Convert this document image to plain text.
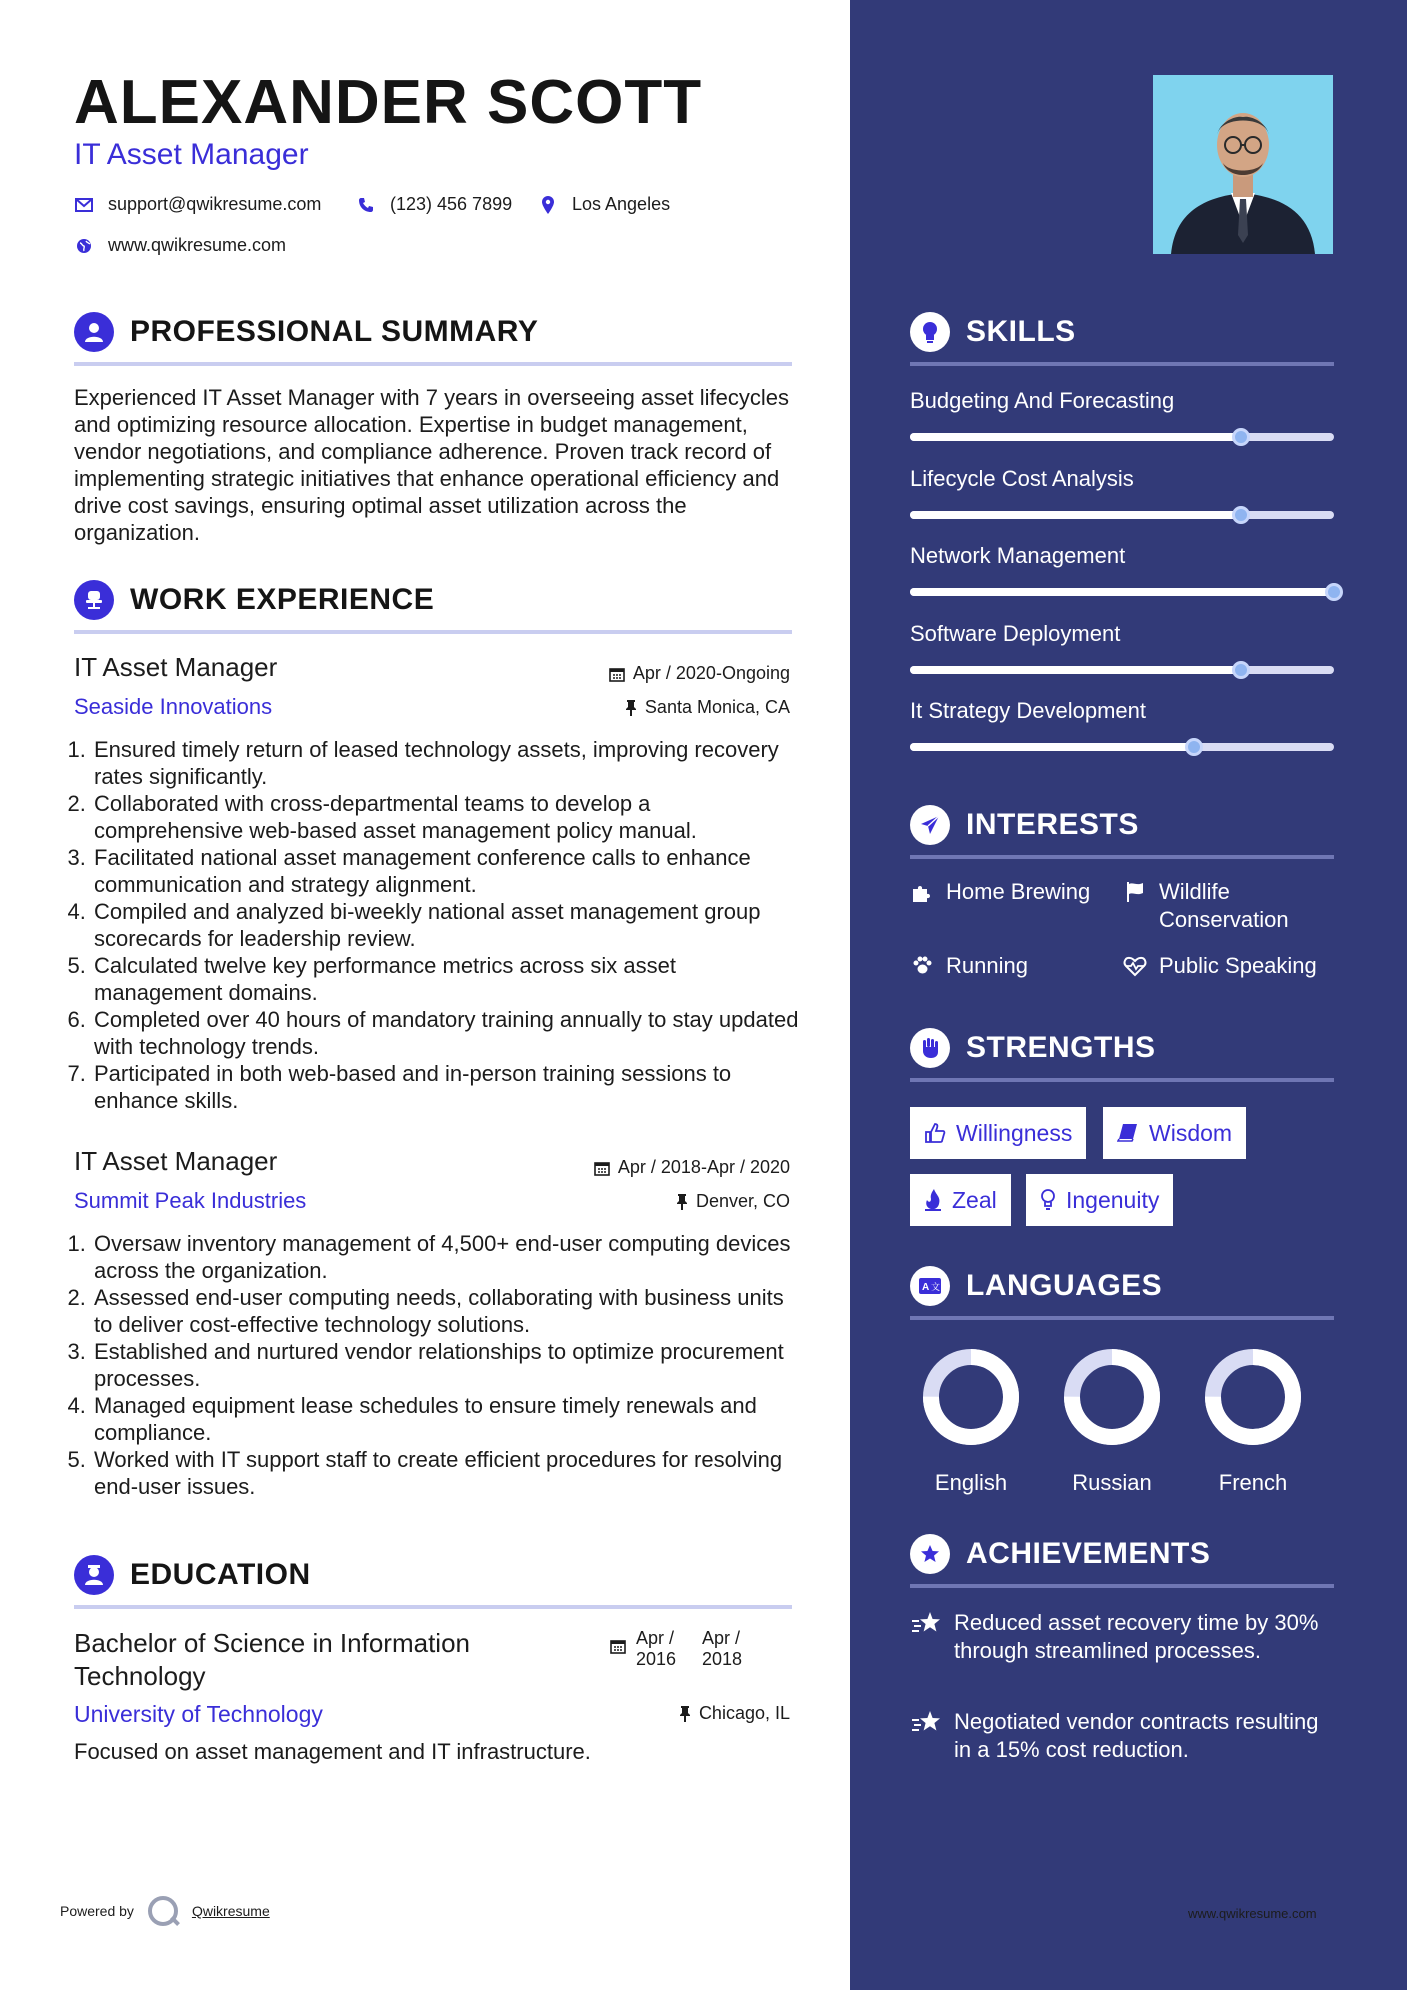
ALEXANDER SCOTT
IT Asset Manager
support@qwikresume.com	(123) 456 7899	Los Angeles
www.qwikresume.com
PROFESSIONAL SUMMARY
Experienced IT Asset Manager with 7 years in overseeing asset lifecycles and optimizing resource allocation. Expertise in budget management, vendor negotiations, and compliance adherence. Proven track record of implementing strategic initiatives that enhance operational efficiency and drive cost savings, ensuring optimal asset utilization across the organization.
WORK EXPERIENCE
IT Asset Manager	Apr / 2020-Ongoing
Seaside Innovations	Santa Monica, CA
1. Ensured timely return of leased technology assets, improving recovery rates significantly.
2. Collaborated with cross-departmental teams to develop a comprehensive web-based asset management policy manual.
3. Facilitated national asset management conference calls to enhance communication and strategy alignment.
4. Compiled and analyzed bi-weekly national asset management group scorecards for leadership review.
5. Calculated twelve key performance metrics across six asset management domains.
6. Completed over 40 hours of mandatory training annually to stay updated with technology trends.
7. Participated in both web-based and in-person training sessions to enhance skills.
IT Asset Manager	Apr / 2018-Apr / 2020
Summit Peak Industries	Denver, CO
1. Oversaw inventory management of 4,500+ end-user computing devices across the organization.
2. Assessed end-user computing needs, collaborating with business units to deliver cost-effective technology solutions.
3. Established and nurtured vendor relationships to optimize procurement processes.
4. Managed equipment lease schedules to ensure timely renewals and compliance.
5. Worked with IT support staff to create efficient procedures for resolving end-user issues.
EDUCATION
Bachelor of Science in Information Technology
Apr /
2016
Apr /
2018
University of Technology	Chicago, IL
Focused on asset management and IT infrastructure.
Powered by	Qwikresume
SKILLS
Budgeting And Forecasting
Lifecycle Cost Analysis
Network Management
Software Deployment
It Strategy Development
INTERESTS
Home Brewing	Wildlife Conservation
Running	Public Speaking
STRENGTHS
Willingness	Wisdom
Zeal	Ingenuity
A 文 LANGUAGES
English	Russian	French
ACHIEVEMENTS
Reduced asset recovery time by 30% through streamlined processes.
Negotiated vendor contracts resulting in a 15% cost reduction.
www.qwikresume.com
